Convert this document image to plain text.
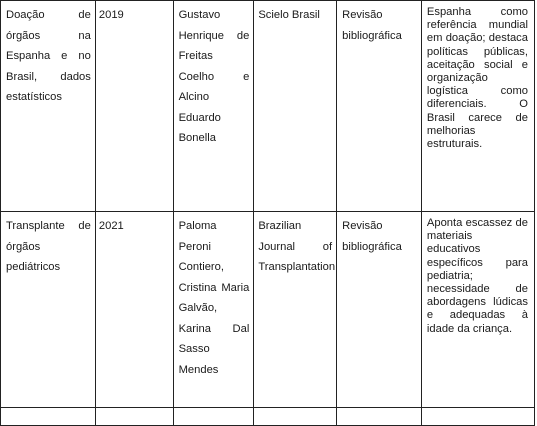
Doação de órgãos na Espanha e no Brasil, dados estatísticos	2019	Gustavo Henrique de Freitas Coelho e Alcino Eduardo Bonella	Scielo Brasil	Revisão bibliográfica	Espanha como referência mundial em doação; destaca políticas públicas, aceitação social e organização logística como diferenciais. O Brasil carece de melhorias estruturais.

Transplante de órgãos pediátricos	2021	Paloma Peroni Contiero, Cristina Maria Galvão, Karina Dal Sasso Mendes	Brazilian Journal of Transplantation	Revisão bibliográfica	Aponta escassez de materiais educativos específicos para pediatria; necessidade de abordagens lúdicas e adequadas à idade da criança.
